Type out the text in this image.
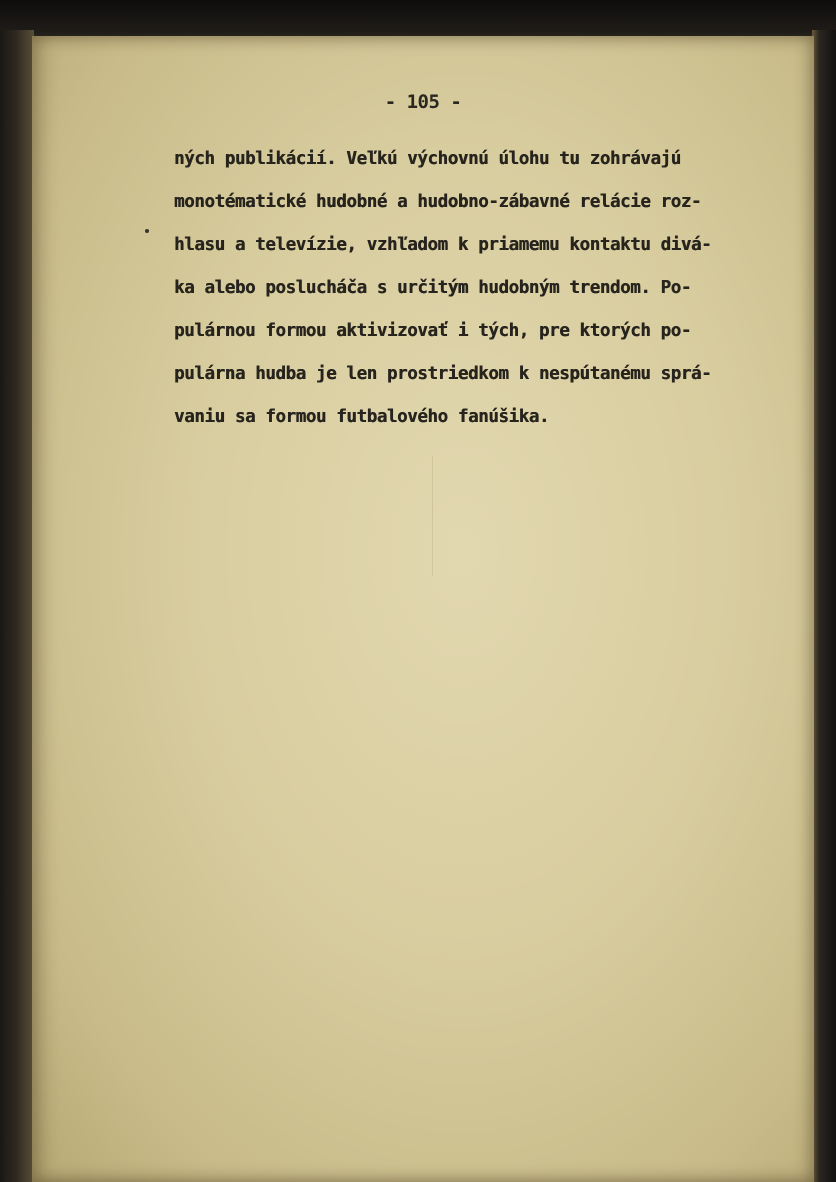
- 105 -
ných publikácií. Veľkú výchovnú úlohu tu zohrávajú
monotématické hudobné a hudobno-zábavné relácie roz-
hlasu a televízie, vzhľadom k priamemu kontaktu divá-
ka alebo poslucháča s určitým hudobným trendom. Po-
pulárnou formou aktivizovať i tých, pre ktorých po-
pulárna hudba je len prostriedkom k nespútanému sprá-
vaniu sa formou futbalového fanúšika.
